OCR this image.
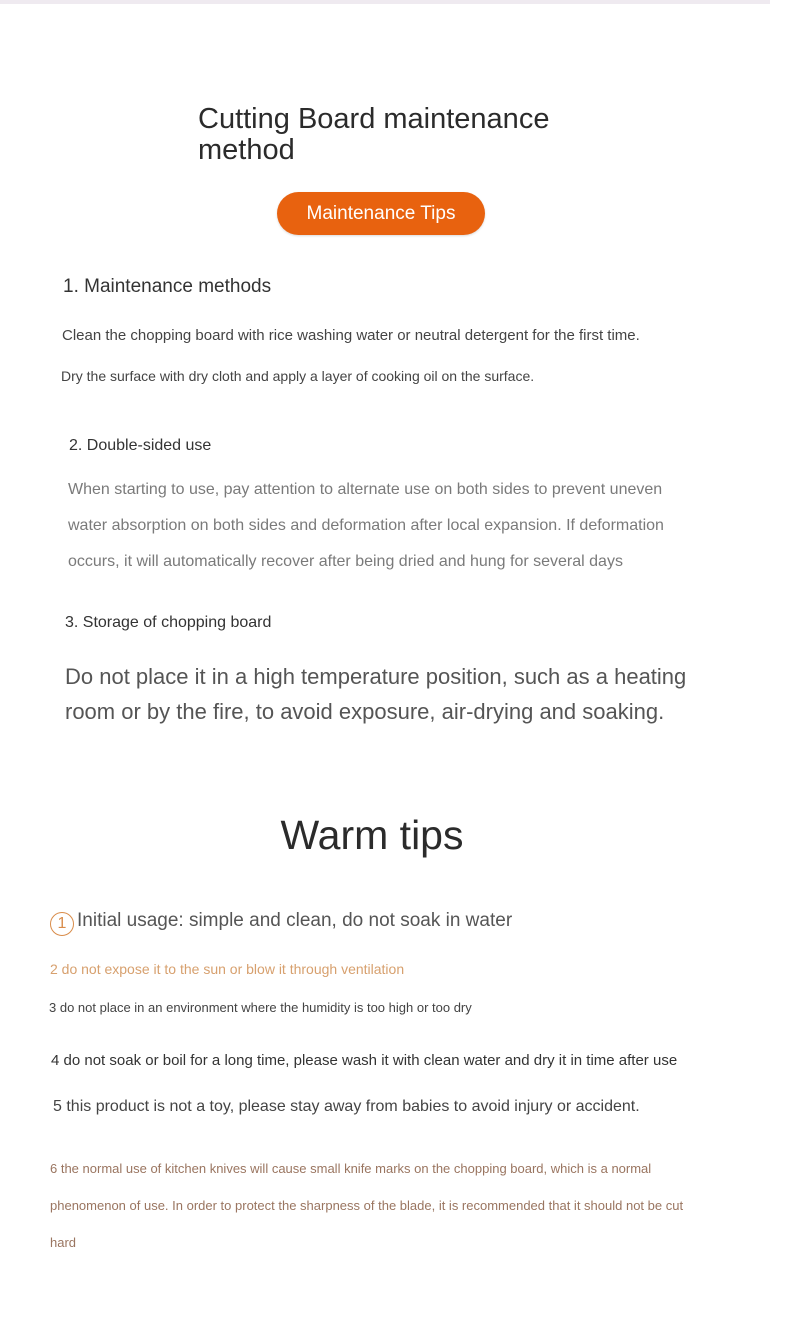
Cutting Board maintenance method
Maintenance Tips
1. Maintenance methods
Clean the chopping board with rice washing water or neutral detergent for the first time.
Dry the surface with dry cloth and apply a layer of cooking oil on the surface.
2. Double-sided use
When starting to use, pay attention to alternate use on both sides to prevent uneven
water absorption on both sides and deformation after local expansion. If deformation
occurs, it will automatically recover after being dried and hung for several days
3. Storage of chopping board
Do not place it in a high temperature position, such as a heating
room or by the fire, to avoid exposure, air-drying and soaking.
Warm tips
1 Initial usage: simple and clean, do not soak in water
2 do not expose it to the sun or blow it through ventilation
3 do not place in an environment where the humidity is too high or too dry
4 do not soak or boil for a long time, please wash it with clean water and dry it in time after use
5 this product is not a toy, please stay away from babies to avoid injury or accident.
6 the normal use of kitchen knives will cause small knife marks on the chopping board, which is a normal
phenomenon of use. In order to protect the sharpness of the blade, it is recommended that it should not be cut
hard
